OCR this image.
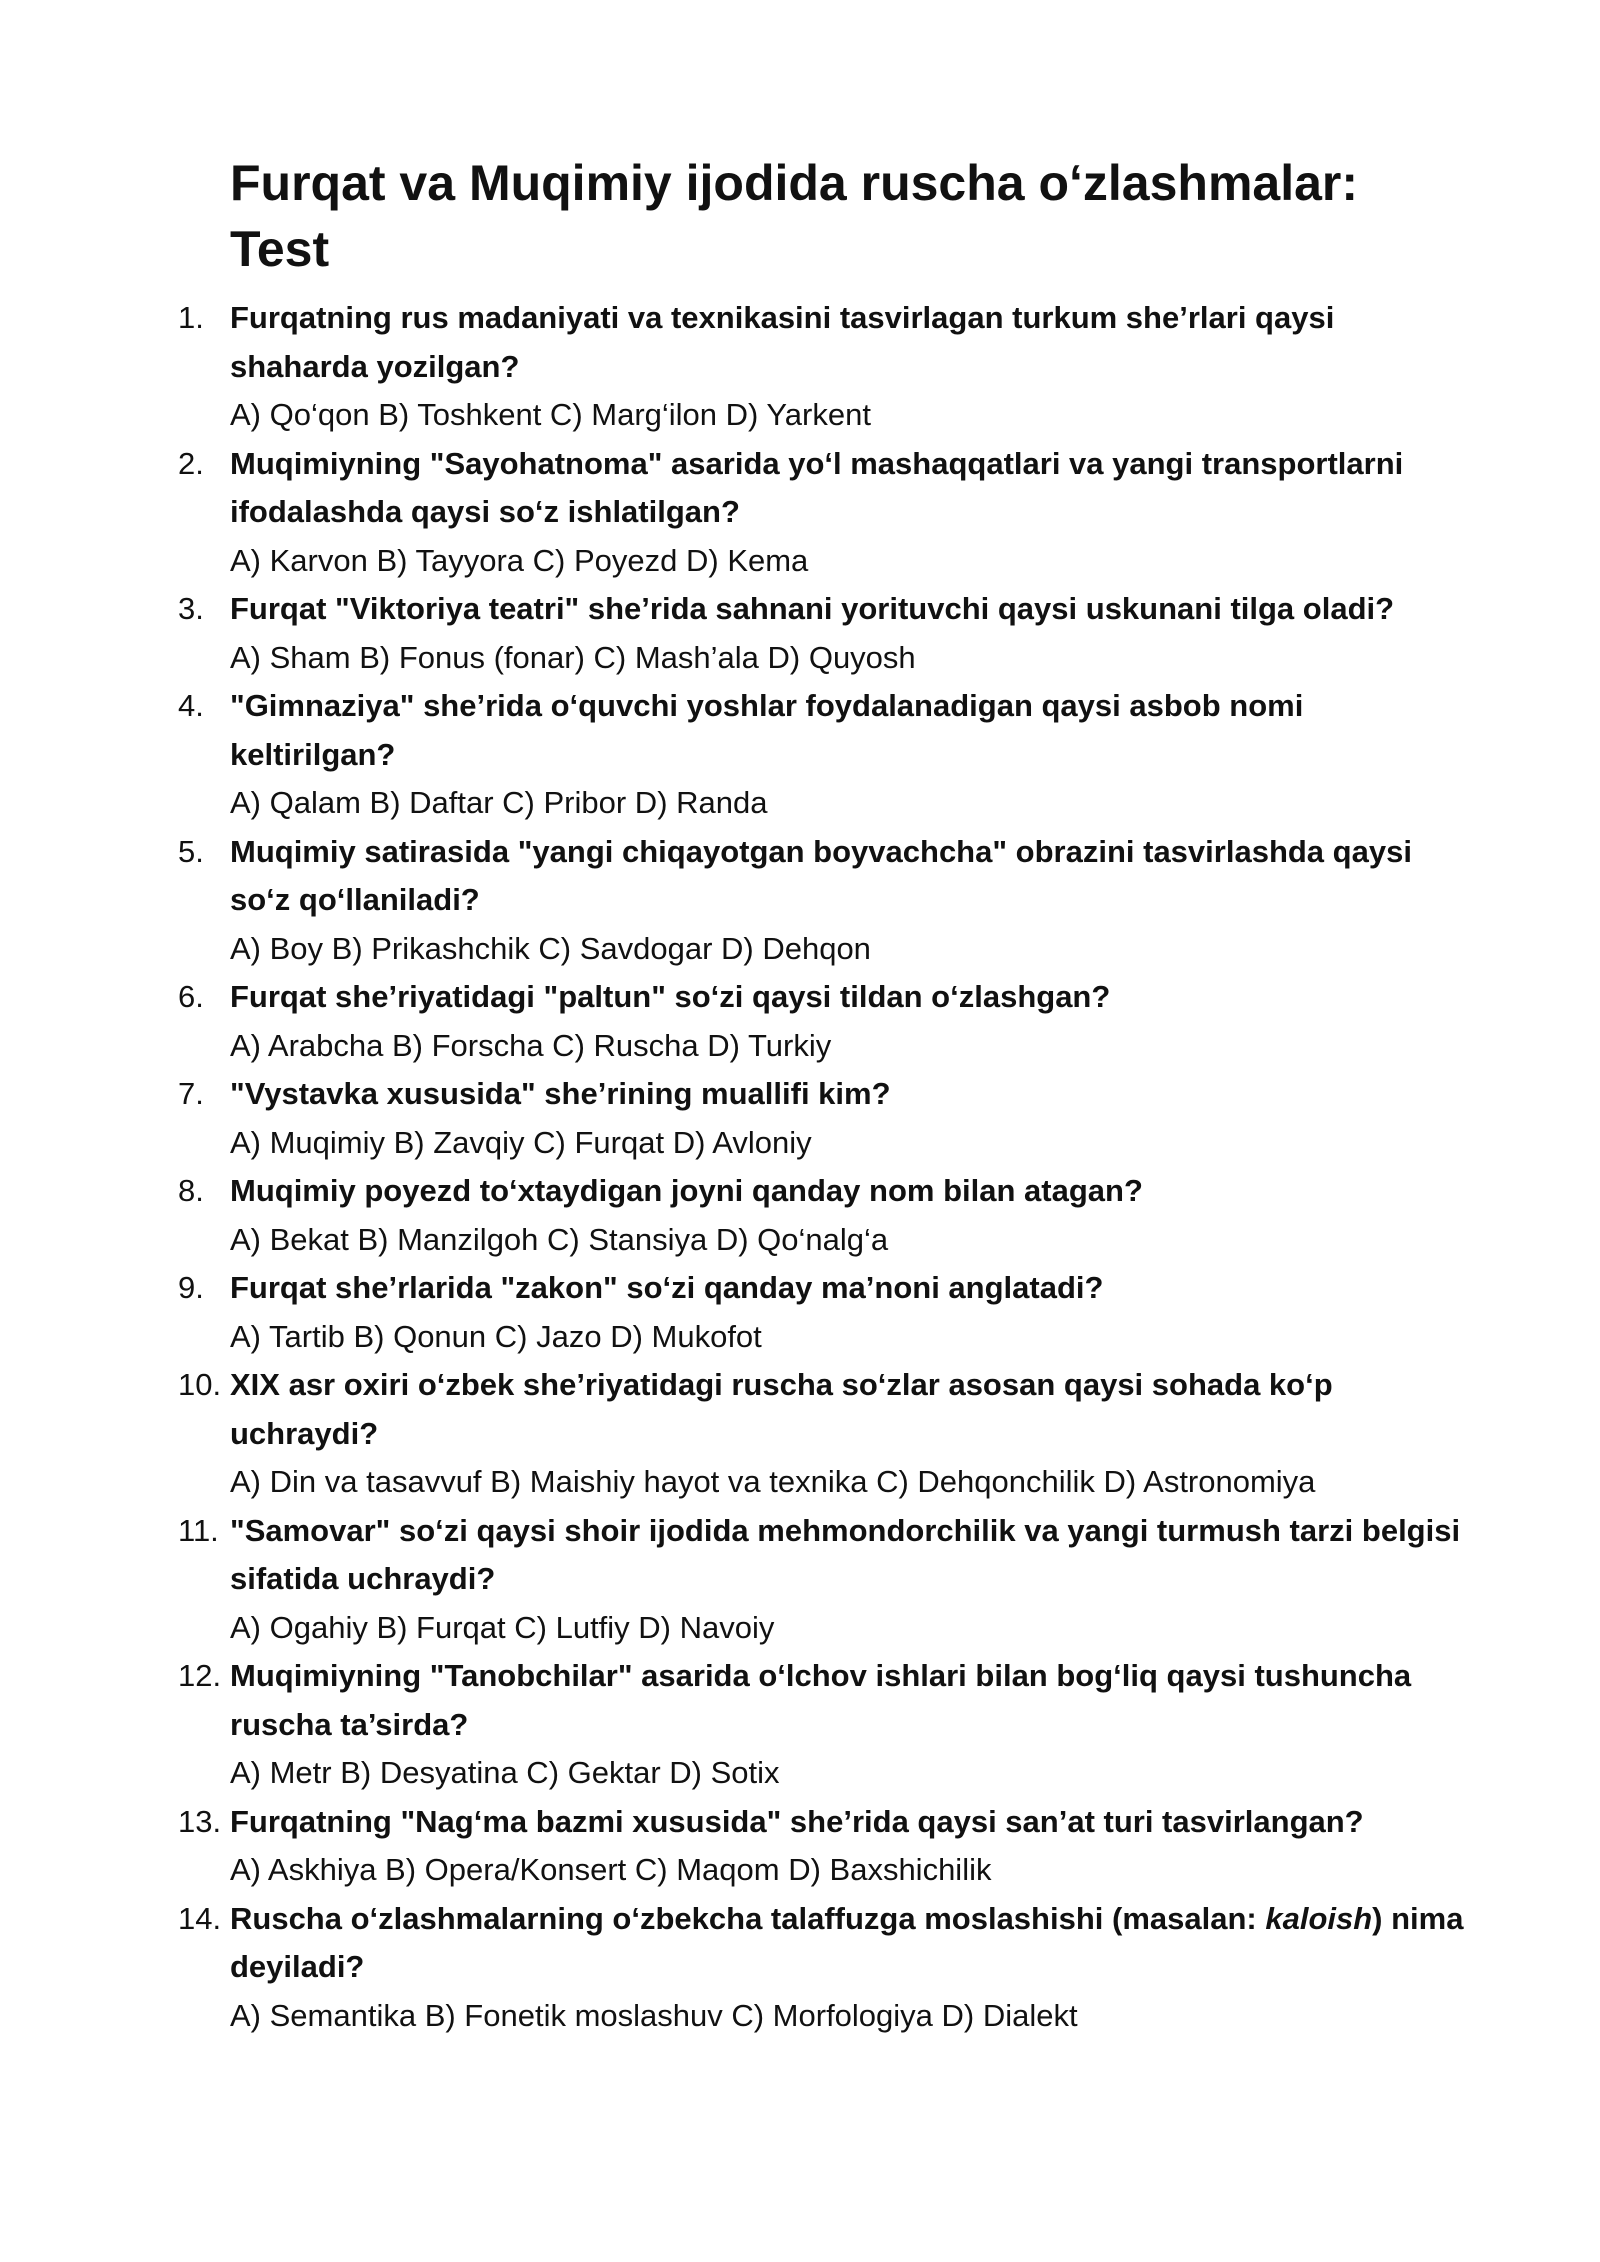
Furqat va Muqimiy ijodida ruscha o‘zlashmalar: Test
1. Furqatning rus madaniyati va texnikasini tasvirlagan turkum she’rlari qaysi shaharda yozilgan?
A) Qo‘qon B) Toshkent C) Marg‘ilon D) Yarkent
2. Muqimiyning "Sayohatnoma" asarida yo‘l mashaqqatlari va yangi transportlarni ifodalashda qaysi so‘z ishlatilgan?
A) Karvon B) Tayyora C) Poyezd D) Kema
3. Furqat "Viktoriya teatri" she’rida sahnani yorituvchi qaysi uskunani tilga oladi?
A) Sham B) Fonus (fonar) C) Mash’ala D) Quyosh
4. "Gimnaziya" she’rida o‘quvchi yoshlar foydalanadigan qaysi asbob nomi keltirilgan?
A) Qalam B) Daftar C) Pribor D) Randa
5. Muqimiy satirasida "yangi chiqayotgan boyvachcha" obrazini tasvirlashda qaysi so‘z qo‘llaniladi?
A) Boy B) Prikashchik C) Savdogar D) Dehqon
6. Furqat she’riyatidagi "paltun" so‘zi qaysi tildan o‘zlashgan?
A) Arabcha B) Forscha C) Ruscha D) Turkiy
7. "Vystavka xususida" she’rining muallifi kim?
A) Muqimiy B) Zavqiy C) Furqat D) Avloniy
8. Muqimiy poyezd to‘xtaydigan joyni qanday nom bilan atagan?
A) Bekat B) Manzilgoh C) Stansiya D) Qo‘nalg‘a
9. Furqat she’rlarida "zakon" so‘zi qanday ma’noni anglatadi?
A) Tartib B) Qonun C) Jazo D) Mukofot
10. XIX asr oxiri o‘zbek she’riyatidagi ruscha so‘zlar asosan qaysi sohada ko‘p uchraydi?
A) Din va tasavvuf B) Maishiy hayot va texnika C) Dehqonchilik D) Astronomiya
11. "Samovar" so‘zi qaysi shoir ijodida mehmondorchilik va yangi turmush tarzi belgisi sifatida uchraydi?
A) Ogahiy B) Furqat C) Lutfiy D) Navoiy
12. Muqimiyning "Tanobchilar" asarida o‘lchov ishlari bilan bog‘liq qaysi tushuncha ruscha ta’sirda?
A) Metr B) Desyatina C) Gektar D) Sotix
13. Furqatning "Nag‘ma bazmi xususida" she’rida qaysi san’at turi tasvirlangan?
A) Askhiya B) Opera/Konsert C) Maqom D) Baxshichilik
14. Ruscha o‘zlashmalarning o‘zbekcha talaffuzga moslashishi (masalan: kaloish) nima deyiladi?
A) Semantika B) Fonetik moslashuv C) Morfologiya D) Dialekt
